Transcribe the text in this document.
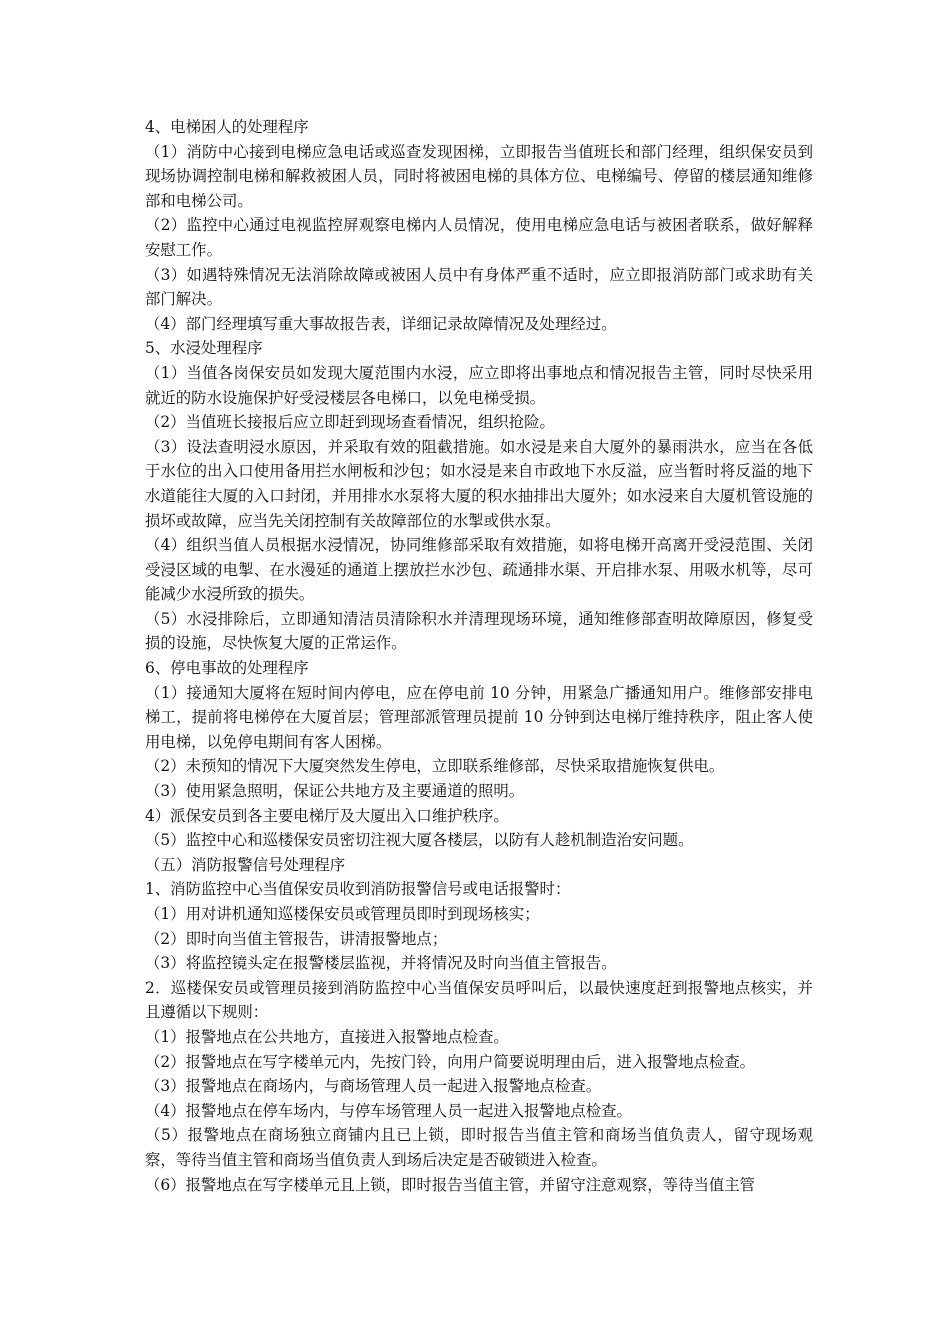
4、电梯困人的处理程序

（1）消防中心接到电梯应急电话或巡查发现困梯，立即报告当值班长和部门经理，组织保安员到现场协调控制电梯和解救被困人员，同时将被困电梯的具体方位、电梯编号、停留的楼层通知维修部和电梯公司。

（2）监控中心通过电视监控屏观察电梯内人员情况，使用电梯应急电话与被困者联系，做好解释安慰工作。

（3）如遇特殊情况无法消除故障或被困人员中有身体严重不适时，应立即报消防部门或求助有关部门解决。

（4）部门经理填写重大事故报告表，详细记录故障情况及处理经过。

5、水浸处理程序

（1）当值各岗保安员如发现大厦范围内水浸，应立即将出事地点和情况报告主管，同时尽快采用就近的防水设施保护好受浸楼层各电梯口，以免电梯受损。

（2）当值班长接报后应立即赶到现场查看情况，组织抢险。

（3）设法查明浸水原因，并采取有效的阻截措施。如水浸是来自大厦外的暴雨洪水，应当在各低于水位的出入口使用备用拦水闸板和沙包；如水浸是来自市政地下水反溢，应当暂时将反溢的地下水道能往大厦的入口封闭，并用排水水泵将大厦的积水抽排出大厦外；如水浸来自大厦机管设施的损坏或故障，应当先关闭控制有关故障部位的水掣或供水泵。

（4）组织当值人员根据水浸情况，协同维修部采取有效措施，如将电梯开高离开受浸范围、关闭受浸区域的电掣、在水漫延的通道上摆放拦水沙包、疏通排水渠、开启排水泵、用吸水机等，尽可能减少水浸所致的损失。

（5）水浸排除后，立即通知清洁员清除积水并清理现场环境，通知维修部查明故障原因，修复受损的设施，尽快恢复大厦的正常运作。

6、停电事故的处理程序

（1）接通知大厦将在短时间内停电，应在停电前 10 分钟，用紧急广播通知用户。维修部安排电梯工，提前将电梯停在大厦首层；管理部派管理员提前 10 分钟到达电梯厅维持秩序，阻止客人使用电梯，以免停电期间有客人困梯。

（2）未预知的情况下大厦突然发生停电，立即联系维修部，尽快采取措施恢复供电。

（3）使用紧急照明，保证公共地方及主要通道的照明。

4）派保安员到各主要电梯厅及大厦出入口维护秩序。

（5）监控中心和巡楼保安员密切注视大厦各楼层，以防有人趁机制造治安问题。

（五）消防报警信号处理程序

1、消防监控中心当值保安员收到消防报警信号或电话报警时：

（1）用对讲机通知巡楼保安员或管理员即时到现场核实；

（2）即时向当值主管报告，讲清报警地点；

（3）将监控镜头定在报警楼层监视，并将情况及时向当值主管报告。

2．巡楼保安员或管理员接到消防监控中心当值保安员呼叫后，以最快速度赶到报警地点核实，并且遵循以下规则：

（1）报警地点在公共地方，直接进入报警地点检查。

（2）报警地点在写字楼单元内，先按门铃，向用户简要说明理由后，进入报警地点检查。

（3）报警地点在商场内，与商场管理人员一起进入报警地点检查。

（4）报警地点在停车场内，与停车场管理人员一起进入报警地点检查。

（5）报警地点在商场独立商铺内且已上锁，即时报告当值主管和商场当值负责人，留守现场观察，等待当值主管和商场当值负责人到场后决定是否破锁进入检查。

（6）报警地点在写字楼单元且上锁，即时报告当值主管，并留守注意观察，等待当值主管
